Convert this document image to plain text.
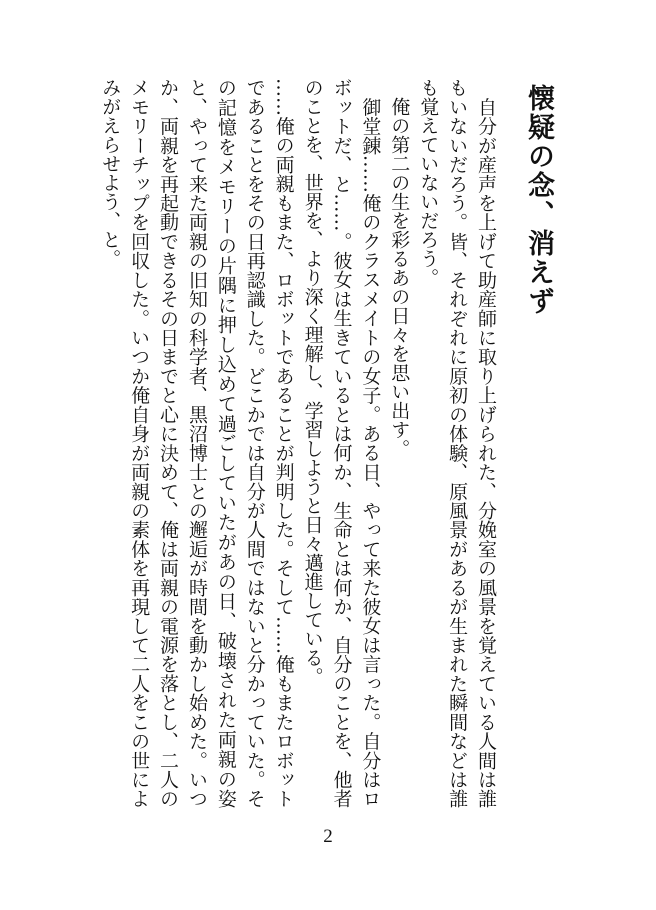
懐疑の念、消えず

自分が産声を上げて助産師に取り上げられた、分娩室の風景を覚えている人間は誰もいないだろう。皆、それぞれに原初の体験、原風景があるが生まれた瞬間などは誰も覚えていないだろう。

俺の第二の生を彩るあの日々を思い出す。

御堂錬……俺のクラスメイトの女子。ある日、やって来た彼女は言った。自分はロボットだ、と……。彼女は生きているとは何か、生命とは何か、自分のことを、他者のことを、世界を、より深く理解し、学習しようと日々邁進している。

……俺の両親もまた、ロボットであることが判明した。そして……俺もまたロボットであることをその日再認識した。どこかでは自分が人間ではないと分かっていた。その記憶をメモリーの片隅に押し込めて過ごしていたがあの日、破壊された両親の姿と、やって来た両親の旧知の科学者、黒沼博士との邂逅が時間を動かし始めた。いつか、両親を再起動できるその日までと心に決めて、俺は両親の電源を落とし、二人のメモリーチップを回収した。いつか俺自身が両親の素体を再現して二人をこの世によみがえらせよう、と。

2
